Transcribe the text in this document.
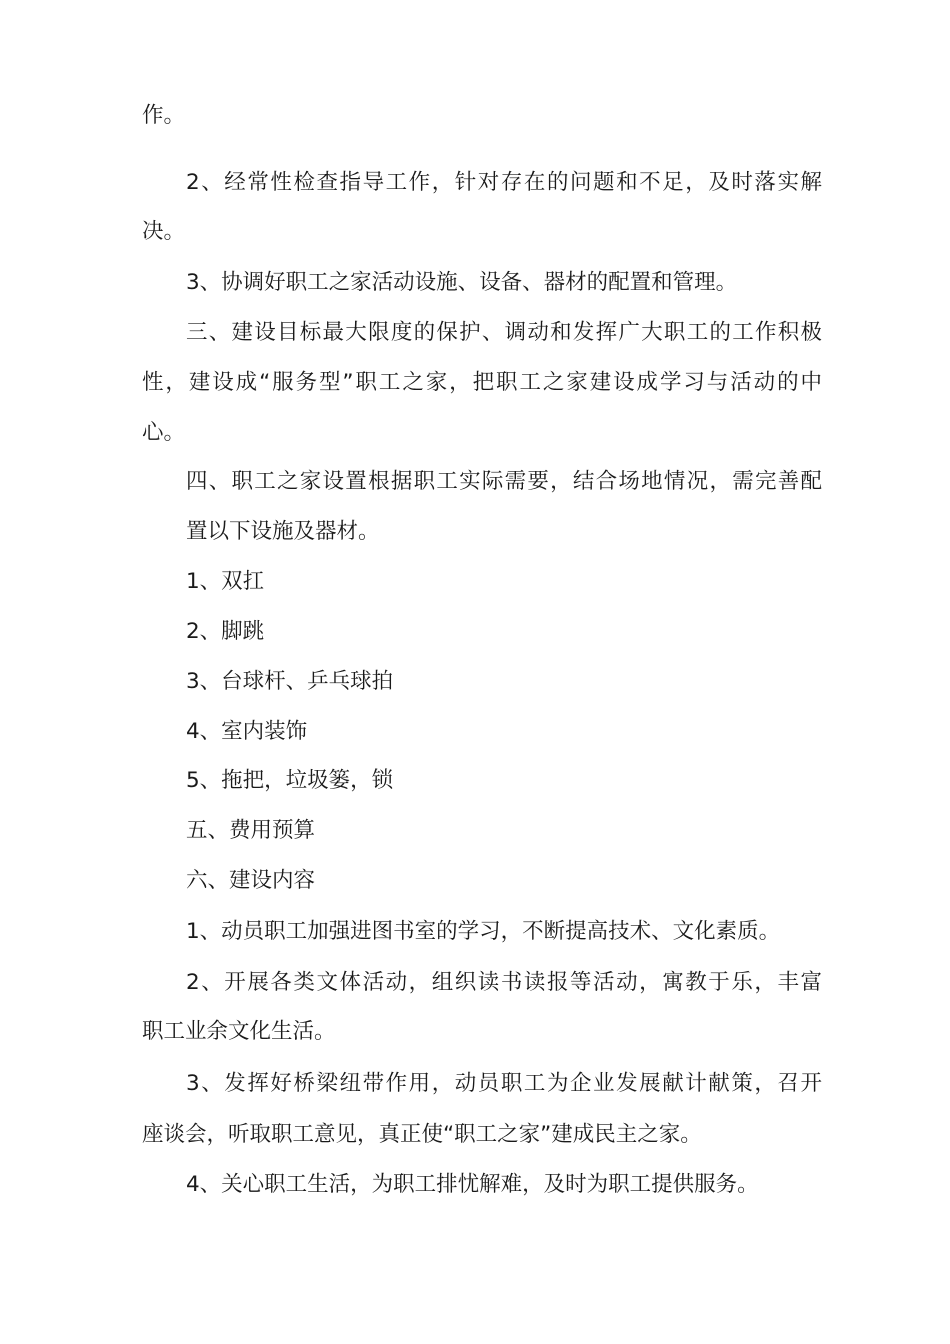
作。
2、经常性检查指导工作，针对存在的问题和不足，及时落实解
决。
3、协调好职工之家活动设施、设备、器材的配置和管理。
三、建设目标最大限度的保护、调动和发挥广大职工的工作积极
性，建设成“服务型”职工之家，把职工之家建设成学习与活动的中
心。
四、职工之家设置根据职工实际需要，结合场地情况，需完善配
置以下设施及器材。
1、双扛
2、脚跳
3、台球杆、乒乓球拍
4、室内装饰
5、拖把，垃圾篓，锁
五、费用预算
六、建设内容
1、动员职工加强进图书室的学习，不断提高技术、文化素质。
2、开展各类文体活动，组织读书读报等活动，寓教于乐，丰富
职工业余文化生活。
3、发挥好桥梁纽带作用，动员职工为企业发展献计献策，召开
座谈会，听取职工意见，真正使“职工之家”建成民主之家。
4、关心职工生活，为职工排忧解难，及时为职工提供服务。
